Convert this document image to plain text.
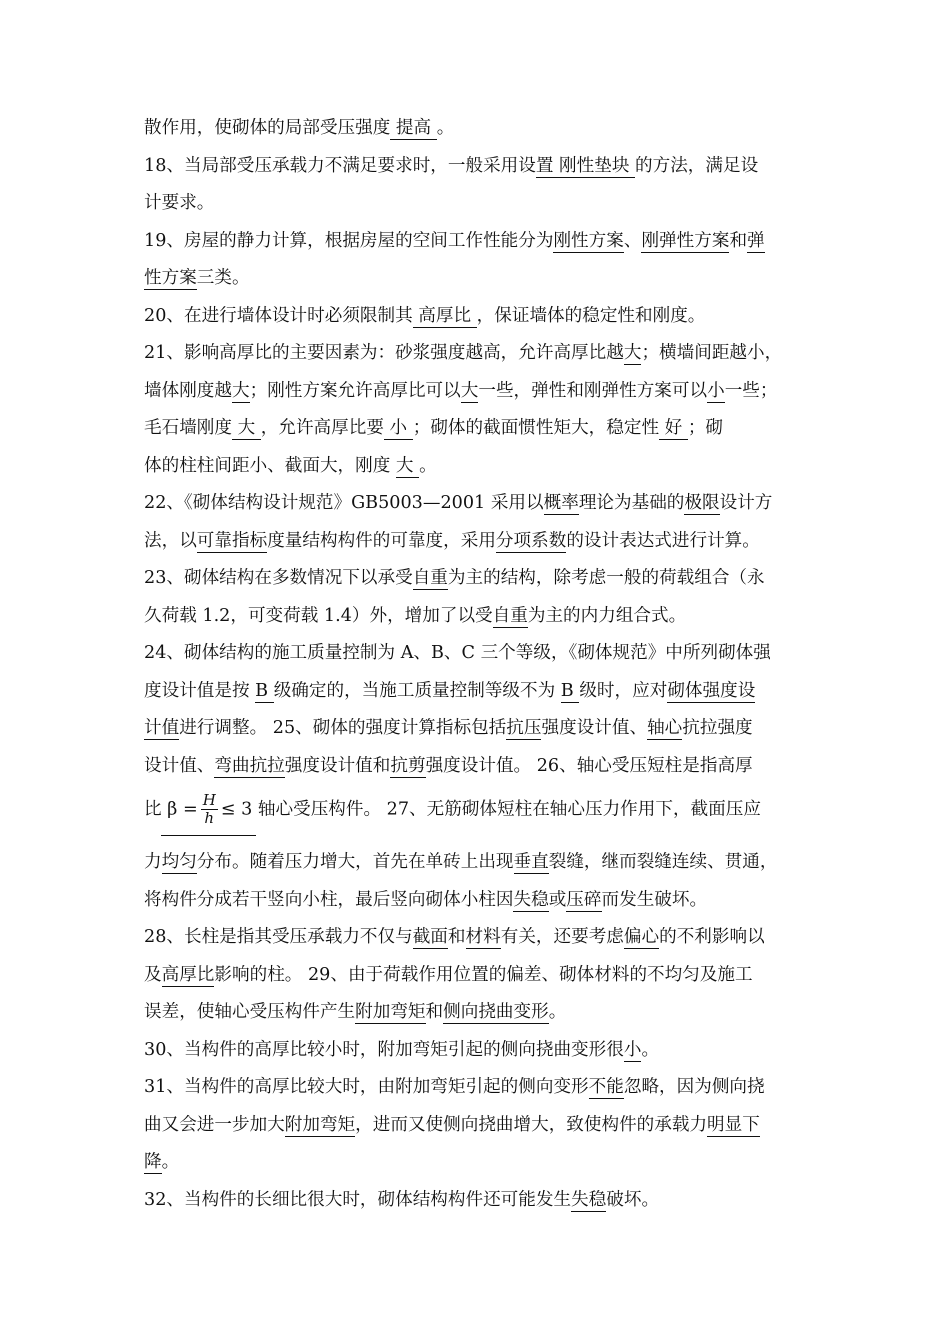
散作用，使砌体的局部受压强度 提高 。
18、当局部受压承载力不满足要求时，一般采用设置 刚性垫块 的方法，满足设
计要求。
19、房屋的静力计算，根据房屋的空间工作性能分为刚性方案、刚弹性方案和弹
性方案三类。
20、在进行墙体设计时必须限制其 高厚比 ，保证墙体的稳定性和刚度。
21、影响高厚比的主要因素为：砂浆强度越高，允许高厚比越大；横墙间距越小，
墙体刚度越大；刚性方案允许高厚比可以大一些，弹性和刚弹性方案可以小一些；
毛石墙刚度 大 ，允许高厚比要 小 ；砌体的截面惯性矩大，稳定性 好 ；砌
体的柱柱间距小、截面大，刚度 大 。
22、《砌体结构设计规范》GB5003—2001 采用以概率理论为基础的极限设计方
法，以可靠指标度量结构构件的可靠度，采用分项系数的设计表达式进行计算。
23、砌体结构在多数情况下以承受自重为主的结构，除考虑一般的荷载组合（永
久荷载 1.2，可变荷载 1.4）外，增加了以受自重为主的内力组合式。
24、砌体结构的施工质量控制为 A、B、C 三个等级，《砌体规范》中所列砌体强
度设计值是按 B 级确定的，当施工质量控制等级不为 B 级时，应对砌体强度设
计值进行调整。 25、砌体的强度计算指标包括抗压强度设计值、轴心抗拉强度
设计值、弯曲抗拉强度设计值和抗剪强度设计值。 26、轴心受压短柱是指高厚
比 $\beta = \frac{H}{h} \le 3$ 轴心受压构件。 27、无筋砌体短柱在轴心压力作用下，截面压应
力均匀分布。随着压力增大，首先在单砖上出现垂直裂缝，继而裂缝连续、贯通，
将构件分成若干竖向小柱，最后竖向砌体小柱因失稳或压碎而发生破坏。
28、长柱是指其受压承载力不仅与截面和材料有关，还要考虑偏心的不利影响以
及高厚比影响的柱。 29、由于荷载作用位置的偏差、砌体材料的不均匀及施工
误差，使轴心受压构件产生附加弯矩和侧向挠曲变形。
30、当构件的高厚比较小时，附加弯矩引起的侧向挠曲变形很小。
31、当构件的高厚比较大时，由附加弯矩引起的侧向变形不能忽略，因为侧向挠
曲又会进一步加大附加弯矩，进而又使侧向挠曲增大，致使构件的承载力明显下
降。
32、当构件的长细比很大时，砌体结构构件还可能发生失稳破坏。
